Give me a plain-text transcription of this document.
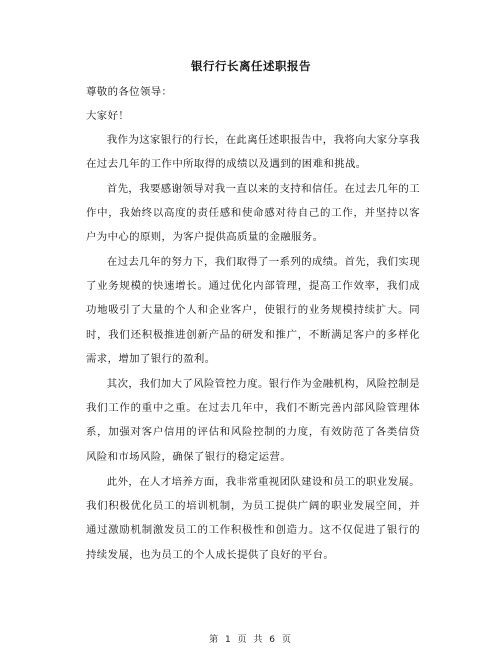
银行行长离任述职报告
尊敬的各位领导：
大家好！
我作为这家银行的行长，在此离任述职报告中，我将向大家分享我在过去几年的工作中所取得的成绩以及遇到的困难和挑战。
首先，我要感谢领导对我一直以来的支持和信任。在过去几年的工作中，我始终以高度的责任感和使命感对待自己的工作，并坚持以客户为中心的原则，为客户提供高质量的金融服务。
在过去几年的努力下，我们取得了一系列的成绩。首先，我们实现了业务规模的快速增长。通过优化内部管理，提高工作效率，我们成功地吸引了大量的个人和企业客户，使银行的业务规模持续扩大。同时，我们还积极推进创新产品的研发和推广，不断满足客户的多样化需求，增加了银行的盈利。
其次，我们加大了风险管控力度。银行作为金融机构，风险控制是我们工作的重中之重。在过去几年中，我们不断完善内部风险管理体系，加强对客户信用的评估和风险控制的力度，有效防范了各类信贷风险和市场风险，确保了银行的稳定运营。
此外，在人才培养方面，我非常重视团队建设和员工的职业发展。我们积极优化员工的培训机制，为员工提供广阔的职业发展空间，并通过激励机制激发员工的工作积极性和创造力。这不仅促进了银行的持续发展，也为员工的个人成长提供了良好的平台。
第 1 页 共 6 页
